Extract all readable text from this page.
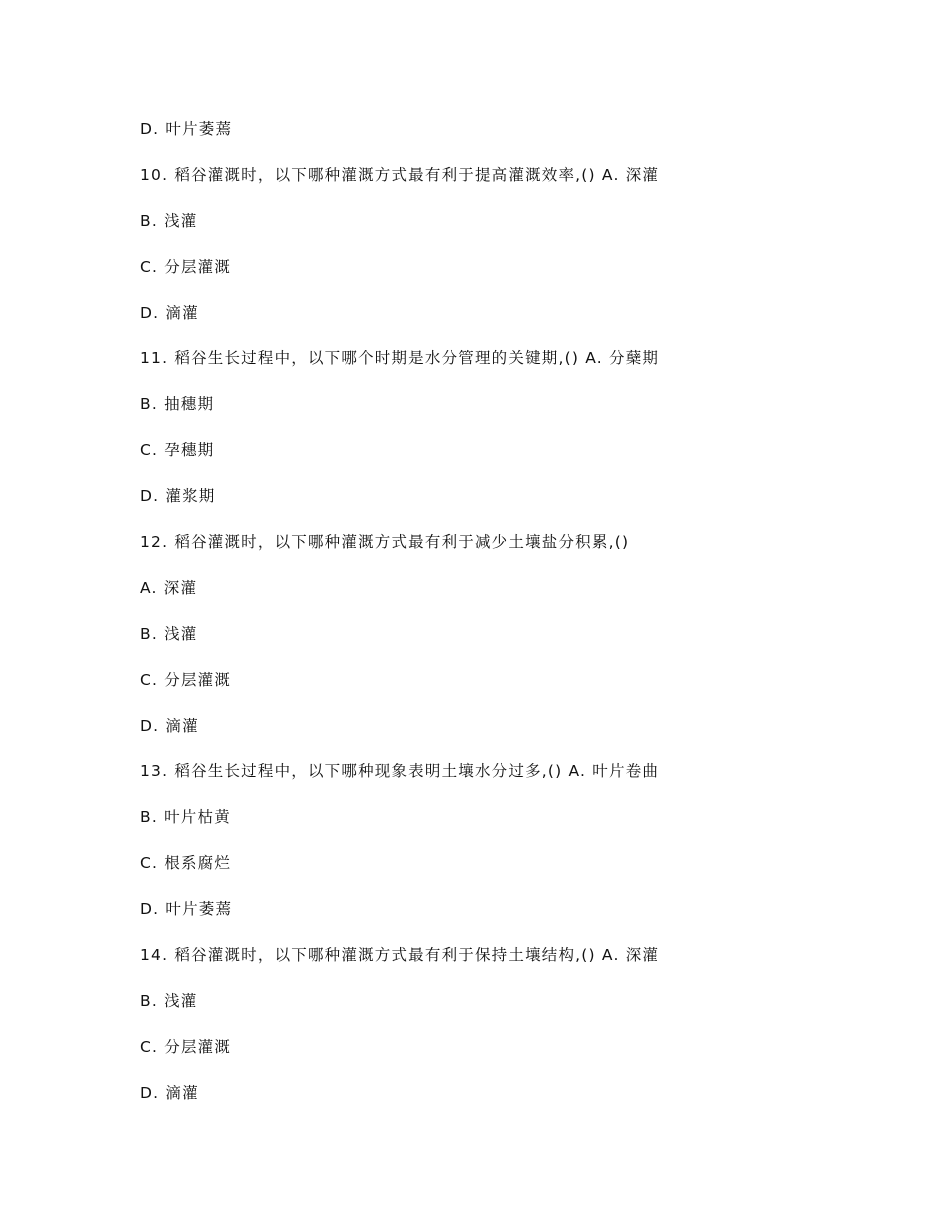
D. 叶片萎蔫
10. 稻谷灌溉时，以下哪种灌溉方式最有利于提高灌溉效率,() A. 深灌
B. 浅灌
C. 分层灌溉
D. 滴灌
11. 稻谷生长过程中，以下哪个时期是水分管理的关键期,() A. 分蘖期
B. 抽穗期
C. 孕穗期
D. 灌浆期
12. 稻谷灌溉时，以下哪种灌溉方式最有利于减少土壤盐分积累,()
A. 深灌
B. 浅灌
C. 分层灌溉
D. 滴灌
13. 稻谷生长过程中，以下哪种现象表明土壤水分过多,() A. 叶片卷曲
B. 叶片枯黄
C. 根系腐烂
D. 叶片萎蔫
14. 稻谷灌溉时，以下哪种灌溉方式最有利于保持土壤结构,() A. 深灌
B. 浅灌
C. 分层灌溉
D. 滴灌
